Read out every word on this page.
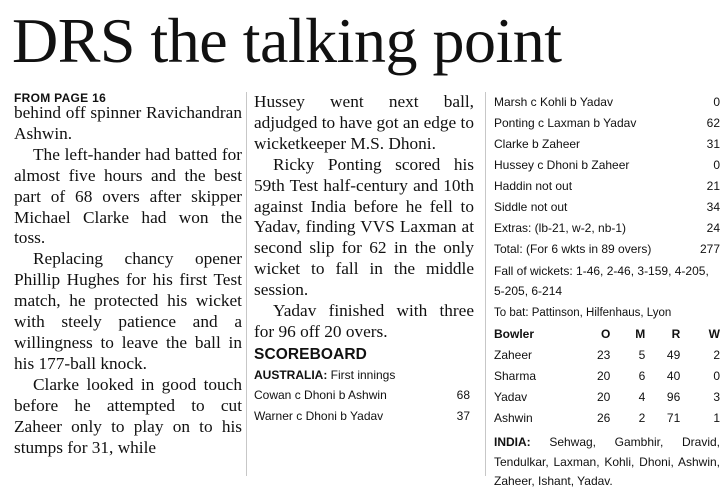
DRS the talking point
FROM PAGE 16

behind off spinner Ravichandran Ashwin.

The left-hander had batted for almost five hours and the best part of 68 overs after skipper Michael Clarke had won the toss.

Replacing chancy opener Phillip Hughes for his first Test match, he protected his wicket with steely patience and a willingness to leave the ball in his 177-ball knock.

Clarke looked in good touch before he attempted to cut Zaheer only to play on to his stumps for 31, while

Hussey went next ball, adjudged to have got an edge to wicketkeeper M.S. Dhoni.

Ricky Ponting scored his 59th Test half-century and 10th against India before he fell to Yadav, finding VVS Laxman at second slip for 62 in the only wicket to fall in the middle session.

Yadav finished with three for 96 off 20 overs.

SCOREBOARD
AUSTRALIA: First innings
Cowan c Dhoni b Ashwin	68
Warner c Dhoni b Yadav	37
Marsh c Kohli b Yadav	0
Ponting c Laxman b Yadav	62
Clarke b Zaheer	31
Hussey c Dhoni b Zaheer	0
Haddin not out	21
Siddle not out	34
Extras: (lb-21, w-2, nb-1)	24
Total: (For 6 wkts in 89 overs)	277
Fall of wickets: 1-46, 2-46, 3-159, 4-205, 5-205, 6-214
To bat: Pattinson, Hilfenhaus, Lyon
Bowler	O	M	R	W
Zaheer	23	5	49	2
Sharma	20	6	40	0
Yadav	20	4	96	3
Ashwin	26	2	71	1
INDIA: Sehwag, Gambhir, Dravid, Tendulkar, Laxman, Kohli, Dhoni, Ashwin, Zaheer, Ishant, Yadav.
